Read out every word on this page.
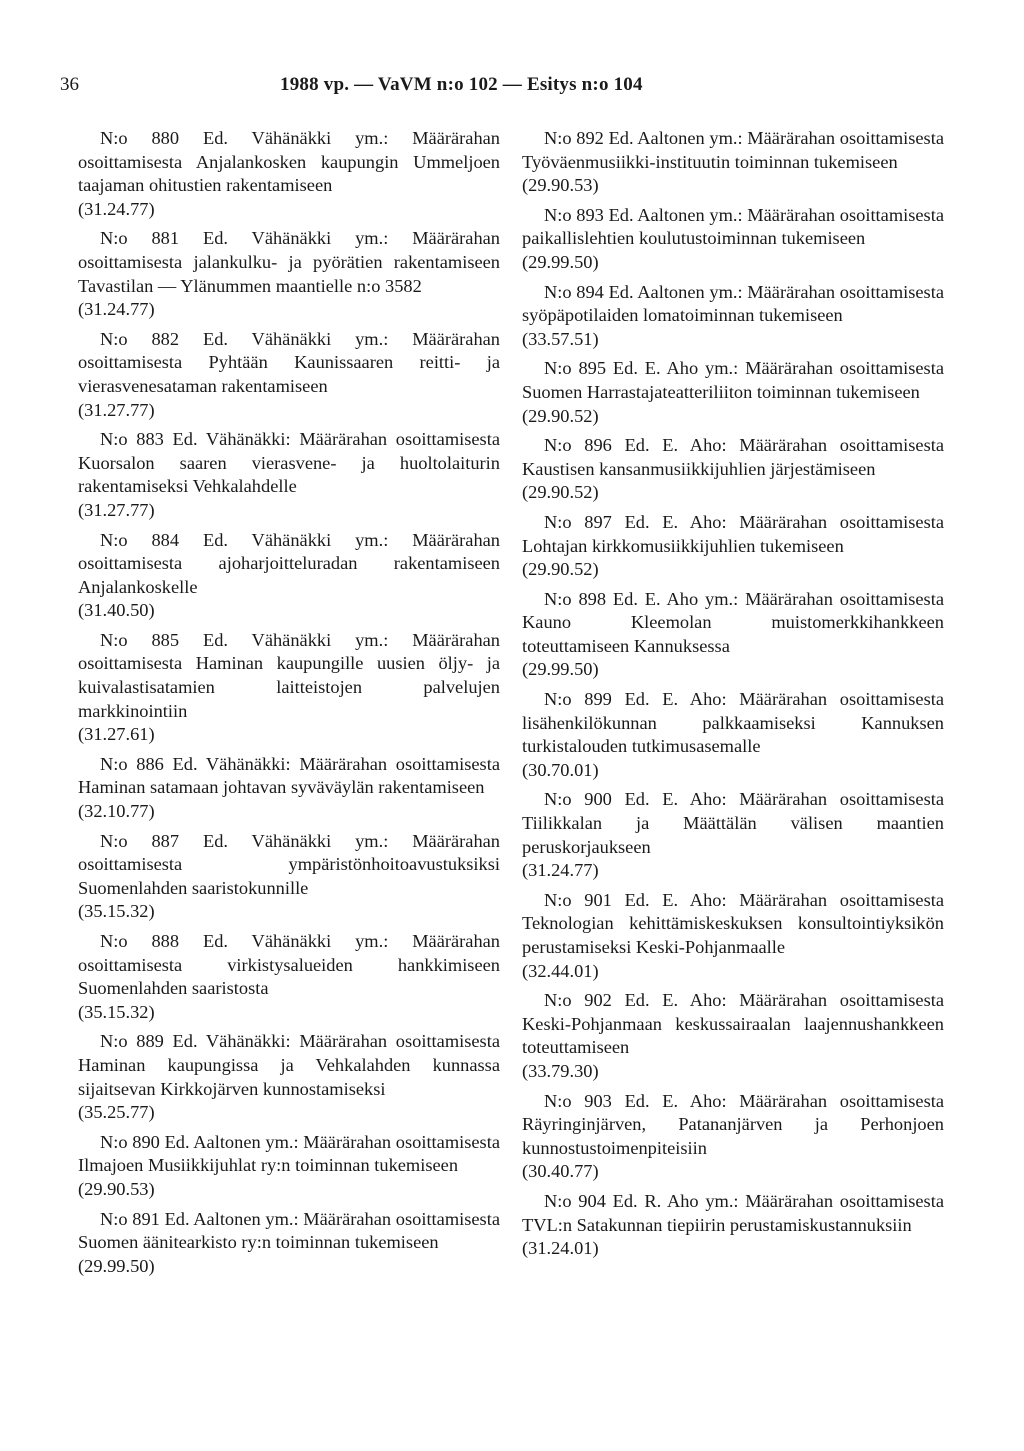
36	1988 vp. — VaVM n:o 102 — Esitys n:o 104

N:o 880 Ed. Vähänäkki ym.: Määrärahan osoittamisesta Anjalankosken kaupungin Ummeljoen taajaman ohitustien rakentamiseen

(31.24.77)

N:o 881 Ed. Vähänäkki ym.: Määrärahan osoittamisesta jalankulku- ja pyörätien rakentamiseen Tavastilan — Ylänummen maantielle n:o 3582

(31.24.77)

N:o 882 Ed. Vähänäkki ym.: Määrärahan osoittamisesta Pyhtään Kaunissaaren reitti- ja vierasvenesataman rakentamiseen

(31.27.77)

N:o 883 Ed. Vähänäkki: Määrärahan osoittamisesta Kuorsalon saaren vierasvene- ja huoltolaiturin rakentamiseksi Vehkalahdelle

(31.27.77)

N:o 884 Ed. Vähänäkki ym.: Määrärahan osoittamisesta ajoharjoitteluradan rakentamiseen Anjalankoskelle

(31.40.50)

N:o 885 Ed. Vähänäkki ym.: Määrärahan osoittamisesta Haminan kaupungille uusien öljy- ja kuivalastisatamien laitteistojen palvelujen markkinointiin

(31.27.61)

N:o 886 Ed. Vähänäkki: Määrärahan osoittamisesta Haminan satamaan johtavan syväväylän rakentamiseen

(32.10.77)

N:o 887 Ed. Vähänäkki ym.: Määrärahan osoittamisesta ympäristönhoitoavustuksiksi Suomenlahden saaristokunnille

(35.15.32)

N:o 888 Ed. Vähänäkki ym.: Määrärahan osoittamisesta virkistysalueiden hankkimiseen Suomenlahden saaristosta

(35.15.32)

N:o 889 Ed. Vähänäkki: Määrärahan osoittamisesta Haminan kaupungissa ja Vehkalahden kunnassa sijaitsevan Kirkkojärven kunnostamiseksi

(35.25.77)

N:o 890 Ed. Aaltonen ym.: Määrärahan osoittamisesta Ilmajoen Musiikkijuhlat ry:n toiminnan tukemiseen

(29.90.53)

N:o 891 Ed. Aaltonen ym.: Määrärahan osoittamisesta Suomen äänitearkisto ry:n toiminnan tukemiseen

(29.99.50)

N:o 892 Ed. Aaltonen ym.: Määrärahan osoittamisesta Työväenmusiikki-instituutin toiminnan tukemiseen

(29.90.53)

N:o 893 Ed. Aaltonen ym.: Määrärahan osoittamisesta paikallislehtien koulutustoiminnan tukemiseen

(29.99.50)

N:o 894 Ed. Aaltonen ym.: Määrärahan osoittamisesta syöpäpotilaiden lomatoiminnan tukemiseen

(33.57.51)

N:o 895 Ed. E. Aho ym.: Määrärahan osoittamisesta Suomen Harrastajateatteriliiton toiminnan tukemiseen

(29.90.52)

N:o 896 Ed. E. Aho: Määrärahan osoittamisesta Kaustisen kansanmusiikkijuhlien järjestämiseen

(29.90.52)

N:o 897 Ed. E. Aho: Määrärahan osoittamisesta Lohtajan kirkkomusiikkijuhlien tukemiseen

(29.90.52)

N:o 898 Ed. E. Aho ym.: Määrärahan osoittamisesta Kauno Kleemolan muistomerkkihankkeen toteuttamiseen Kannuksessa

(29.99.50)

N:o 899 Ed. E. Aho: Määrärahan osoittamisesta lisähenkilökunnan palkkaamiseksi Kannuksen turkistalouden tutkimusasemalle

(30.70.01)

N:o 900 Ed. E. Aho: Määrärahan osoittamisesta Tiilikkalan ja Määttälän välisen maantien peruskorjaukseen

(31.24.77)

N:o 901 Ed. E. Aho: Määrärahan osoittamisesta Teknologian kehittämiskeskuksen konsultointiyksikön perustamiseksi Keski-Pohjanmaalle

(32.44.01)

N:o 902 Ed. E. Aho: Määrärahan osoittamisesta Keski-Pohjanmaan keskussairaalan laajennushankkeen toteuttamiseen

(33.79.30)

N:o 903 Ed. E. Aho: Määrärahan osoittamisesta Räyringinjärven, Patananjärven ja Perhonjoen kunnostustoimenpiteisiin

(30.40.77)

N:o 904 Ed. R. Aho ym.: Määrärahan osoittamisesta TVL:n Satakunnan tiepiirin perustamiskustannuksiin

(31.24.01)
